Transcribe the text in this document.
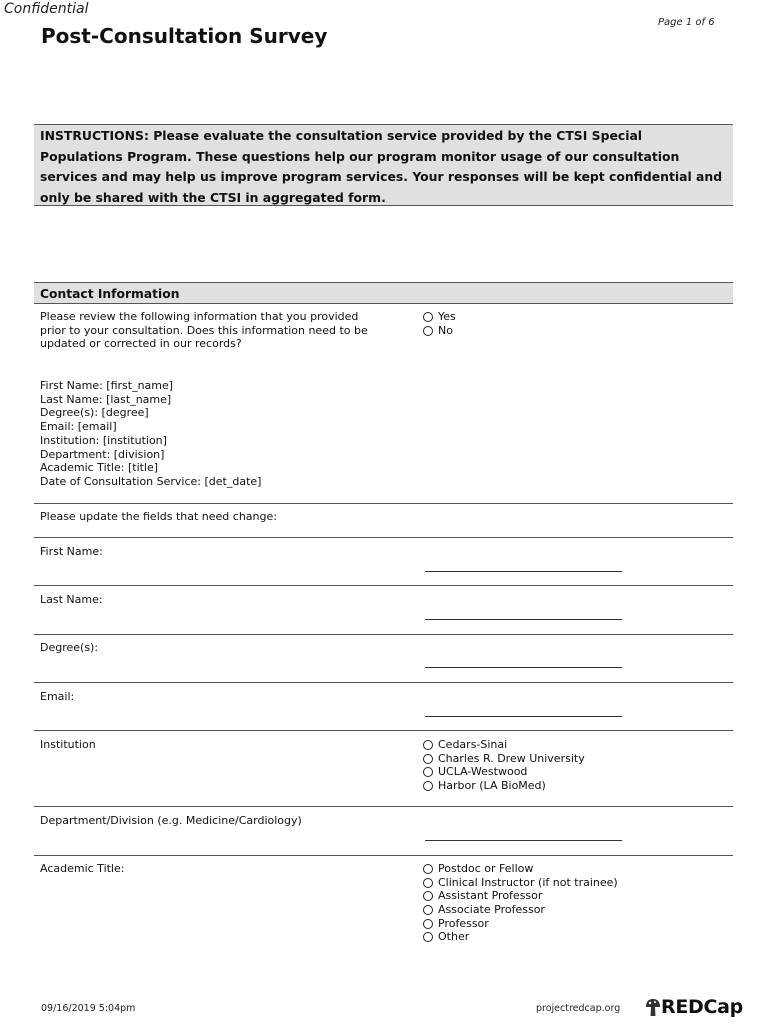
Confidential
Post-Consultation Survey
Page 1 of 6
INSTRUCTIONS: Please evaluate the consultation service provided by the CTSI Special Populations Program. These questions help our program monitor usage of our consultation services and may help us improve program services. Your responses will be kept confidential and only be shared with the CTSI in aggregated form.
Contact Information
Please review the following information that you provided prior to your consultation. Does this information need to be updated or corrected in our records?
First Name: [first_name]
Last Name: [last_name]
Degree(s): [degree]
Email: [email]
Institution: [institution]
Department: [division]
Academic Title: [title]
Date of Consultation Service: [det_date]
Yes
No
Please update the fields that need change:
First Name:
Last Name:
Degree(s):
Email:
Institution	Cedars-Sinai
Charles R. Drew University
UCLA-Westwood
Harbor (LA BioMed)
Department/Division (e.g. Medicine/Cardiology)
Academic Title:	Postdoc or Fellow
Clinical Instructor (if not trainee)
Assistant Professor
Associate Professor
Professor
Other
09/16/2019 5:04pm	projectredcap.org REDCap
